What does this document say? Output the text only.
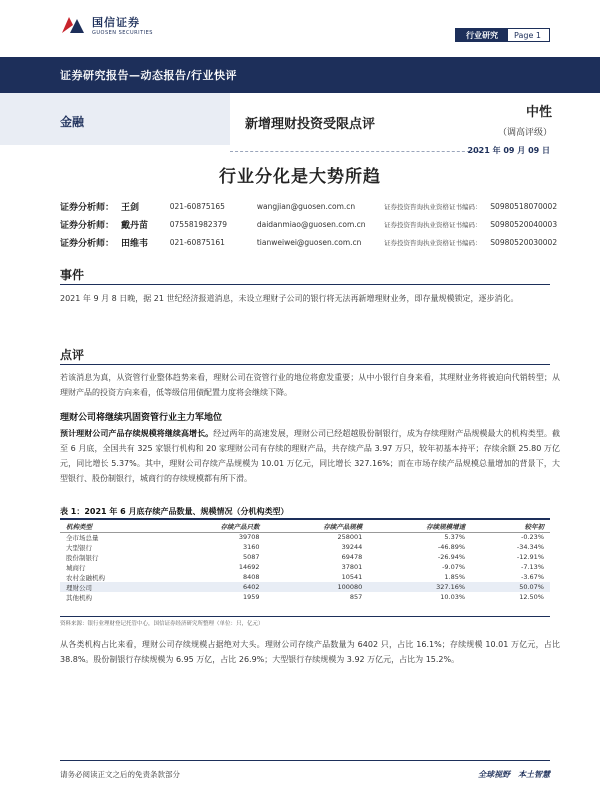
国信证券
GUOSEN SECURITIES	行业研究	Page 1
证券研究报告—动态报告/行业快评
金融	新增理财投资受限点评
中性
（调高评级）
2021 年 09 月 09 日
行业分化是大势所趋
证券分析师： 王剑	021-60875165	wangjian@guosen.com.cn	证券投资咨询执业资格证书编码：	S0980518070002
证券分析师： 戴丹苗	075581982379	daidanmiao@guosen.com.cn	证券投资咨询执业资格证书编码：	S0980520040003
证券分析师： 田维韦	021-60875161	tianweiwei@guosen.com.cn	证券投资咨询执业资格证书编码：	S0980520030002
事件
2021 年 9 月 8 日晚，据 21 世纪经济报道消息，未设立理财子公司的银行将无法再新增理财业务，即存量规模锁定，逐步消化。
点评
若该消息为真，从资管行业整体趋势来看，理财公司在资管行业的地位将愈发重要；从中小银行自身来看，其理财业务将被迫向代销转型；从理财产品的投资方向来看，低等级信用债配置力度将会继续下降。
理财公司将继续巩固资管行业主力军地位
预计理财公司产品存续规模将继续高增长。经过两年的高速发展，理财公司已经超越股份制银行，成为存续理财产品规模最大的机构类型。截至 6 月底，全国共有 325 家银行机构和 20 家理财公司有存续的理财产品，共存续产品 3.97 万只，较年初基本持平；存续余额 25.80 万亿元，同比增长 5.37%。其中，理财公司存续产品规模为 10.01 万亿元，同比增长 327.16%；而在市场存续产品规模总量增加的背景下，大型银行、股份制银行，城商行的存续规模都有所下滑。
表 1：2021 年 6 月底存续产品数量、规模情况（分机构类型）
机构类型	存续产品只数	存续产品规模	存续规模增速	较年初
全市场总量	39708	258001	5.37%	-0.23%
大型银行	3160	39244	-46.89%	-34.34%
股份制银行	5087	69478	-26.94%	-12.91%
城商行	14692	37801	-9.07%	-7.13%
农村金融机构	8408	10541	1.85%	-3.67%
理财公司	6402	100080	327.16%	50.07%
其他机构	1959	857	10.03%	12.50%
资料来源：银行业理财登记托管中心，国信证券经济研究所整理（单位：只，亿元）
从各类机构占比来看，理财公司存续规模占据绝对大头。理财公司存续产品数量为 6402 只，占比 16.1%；存续规模 10.01 万亿元，占比 38.8%。股份制银行存续规模为 6.95 万亿，占比 26.9%；大型银行存续规模为 3.92 万亿元，占比为 15.2%。
请务必阅读正文之后的免责条款部分	全球视野　本土智慧
